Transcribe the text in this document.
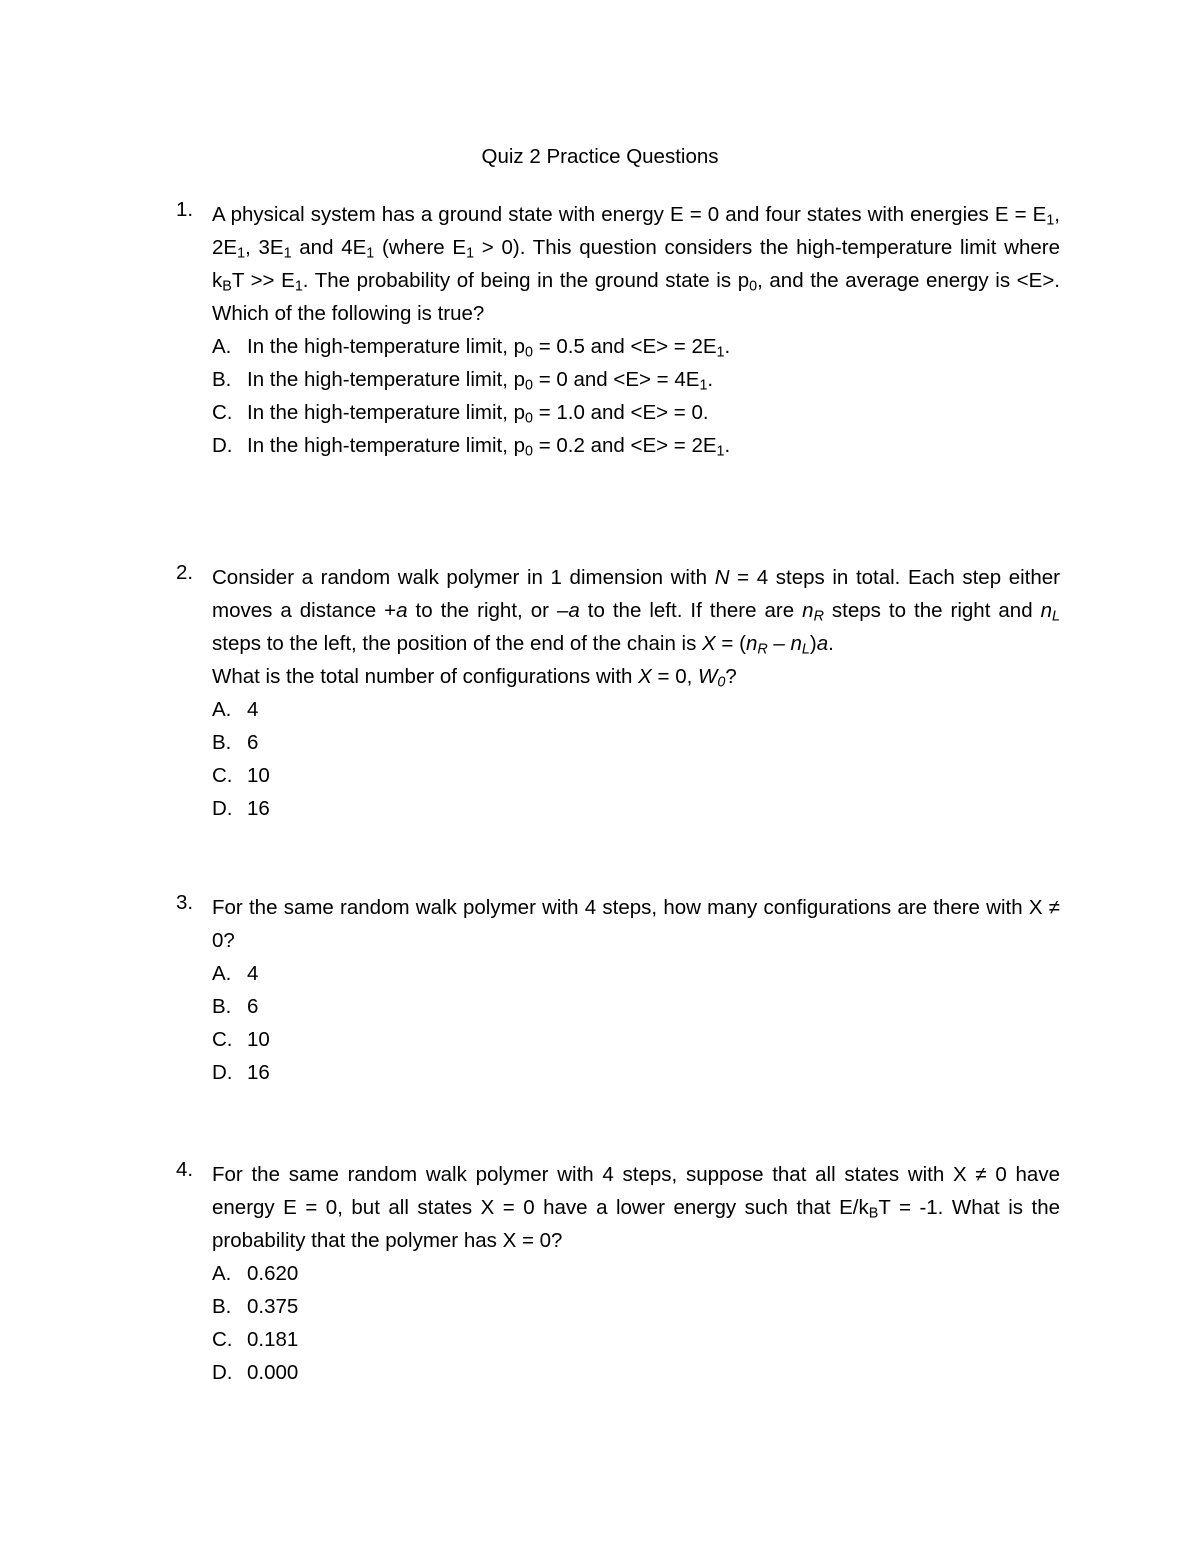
Quiz 2 Practice Questions
1. A physical system has a ground state with energy E = 0 and four states with energies $E = E_1$, $2E_1$, $3E_1$ and $4E_1$ (where $E_1 > 0$). This question considers the high-temperature limit where $k_BT >> E_1$. The probability of being in the ground state is $p_0$, and the average energy is <E>. Which of the following is true?
A. In the high-temperature limit, $p_0 = 0.5$ and $<E> = 2E_1$.
B. In the high-temperature limit, $p_0 = 0$ and $<E> = 4E_1$.
C. In the high-temperature limit, $p_0 = 1.0$ and <E> = 0.
D. In the high-temperature limit, $p_0 = 0.2$ and $<E> = 2E_1$.
2. Consider a random walk polymer in 1 dimension with N = 4 steps in total. Each step either moves a distance +a to the right, or –a to the left. If there are $n_R$ steps to the right and $n_L$ steps to the left, the position of the end of the chain is $X = (n_R - n_L)a$.

What is the total number of configurations with X = 0, $W_0$?

A. 4
B. 6
C. 10
D. 16
3. For the same random walk polymer with 4 steps, how many configurations are there with X ≠ 0?
A. 4
B. 6
C. 10
D. 16
4. For the same random walk polymer with 4 steps, suppose that all states with X ≠ 0 have energy E = 0, but all states X = 0 have a lower energy such that $E/k_BT = -1$. What is the probability that the polymer has X = 0?
A. 0.620
B. 0.375
C. 0.181
D. 0.000
